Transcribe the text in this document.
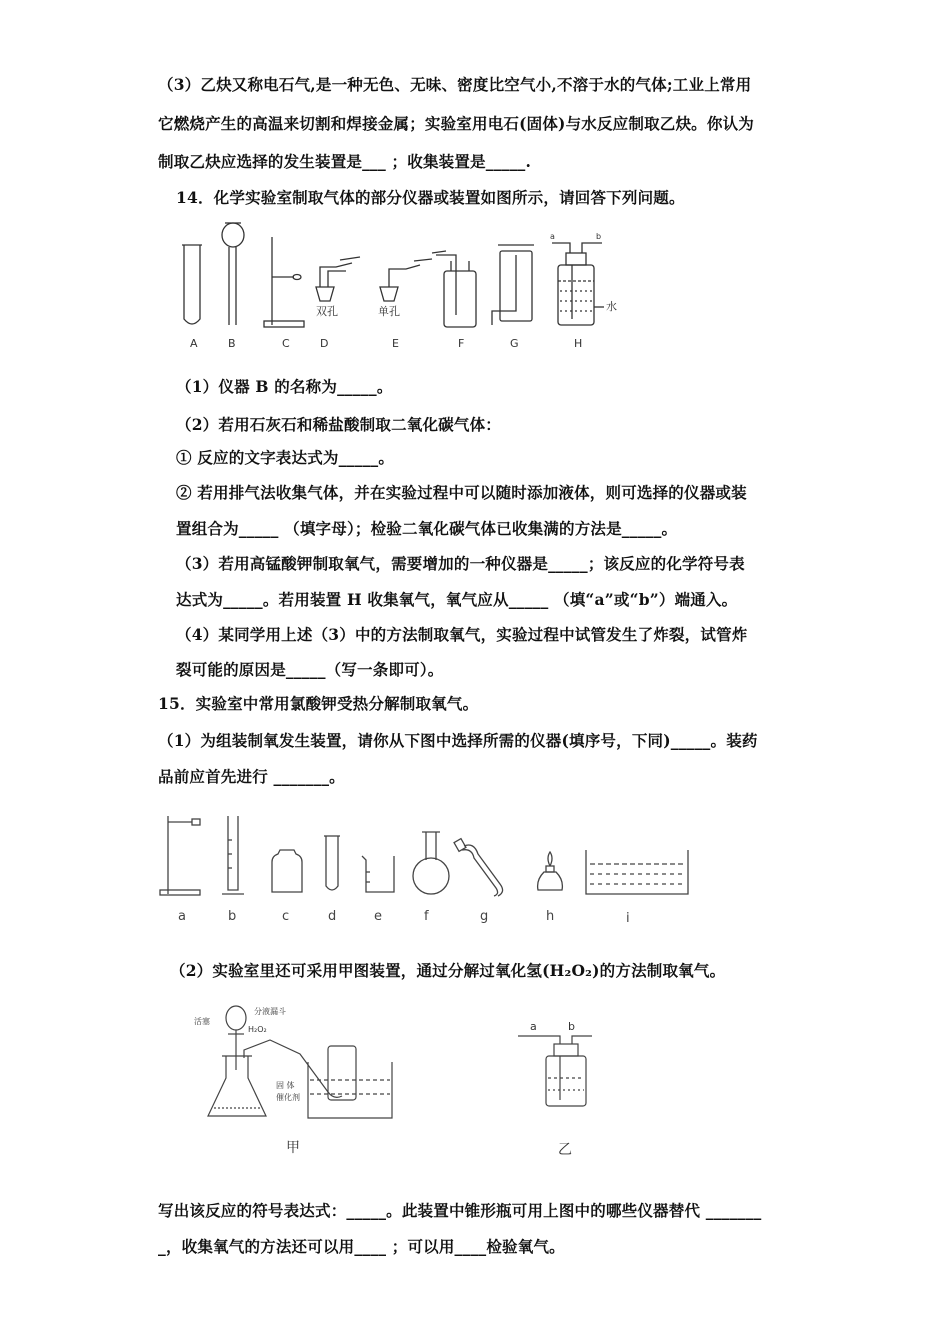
（3）乙炔又称电石气,是一种无色、无味、密度比空气小,不溶于水的气体;工业上常用
它燃烧产生的高温来切割和焊接金属；实验室用电石(固体)与水反应制取乙炔。你认为
制取乙炔应选择的发生装置是___ ；收集装置是_____.
14．化学实验室制取气体的部分仪器或装置如图所示，请回答下列问题。
双孔	单孔
a	b
水
A	B	C	D	E	F	G	H
（1）仪器 B 的名称为_____。
（2）若用石灰石和稀盐酸制取二氧化碳气体：
① 反应的文字表达式为_____。
② 若用排气法收集气体，并在实验过程中可以随时添加液体，则可选择的仪器或装
置组合为_____ （填字母）；检验二氧化碳气体已收集满的方法是_____。
（3）若用高锰酸钾制取氧气，需要增加的一种仪器是_____；该反应的化学符号表
达式为_____。若用装置 H 收集氧气，氧气应从_____ （填“a”或“b”）端通入。
（4）某同学用上述（3）中的方法制取氧气，实验过程中试管发生了炸裂，试管炸
裂可能的原因是_____（写一条即可）。
15．实验室中常用氯酸钾受热分解制取氧气。
（1）为组装制氧发生装置，请你从下图中选择所需的仪器(填序号，下同)_____。装药
品前应首先进行 _______。
a	b	c	d	e	f	g	h	i
（2）实验室里还可采用甲图装置，通过分解过氧化氢(H₂O₂)的方法制取氧气。
分液漏斗
活塞
H₂O₂
固 体
催化剂
a	b
甲	乙
写出该反应的符号表达式：_____。此装置中锥形瓶可用上图中的哪些仪器替代 _______
_，收集氧气的方法还可以用____ ；可以用____检验氧气。
